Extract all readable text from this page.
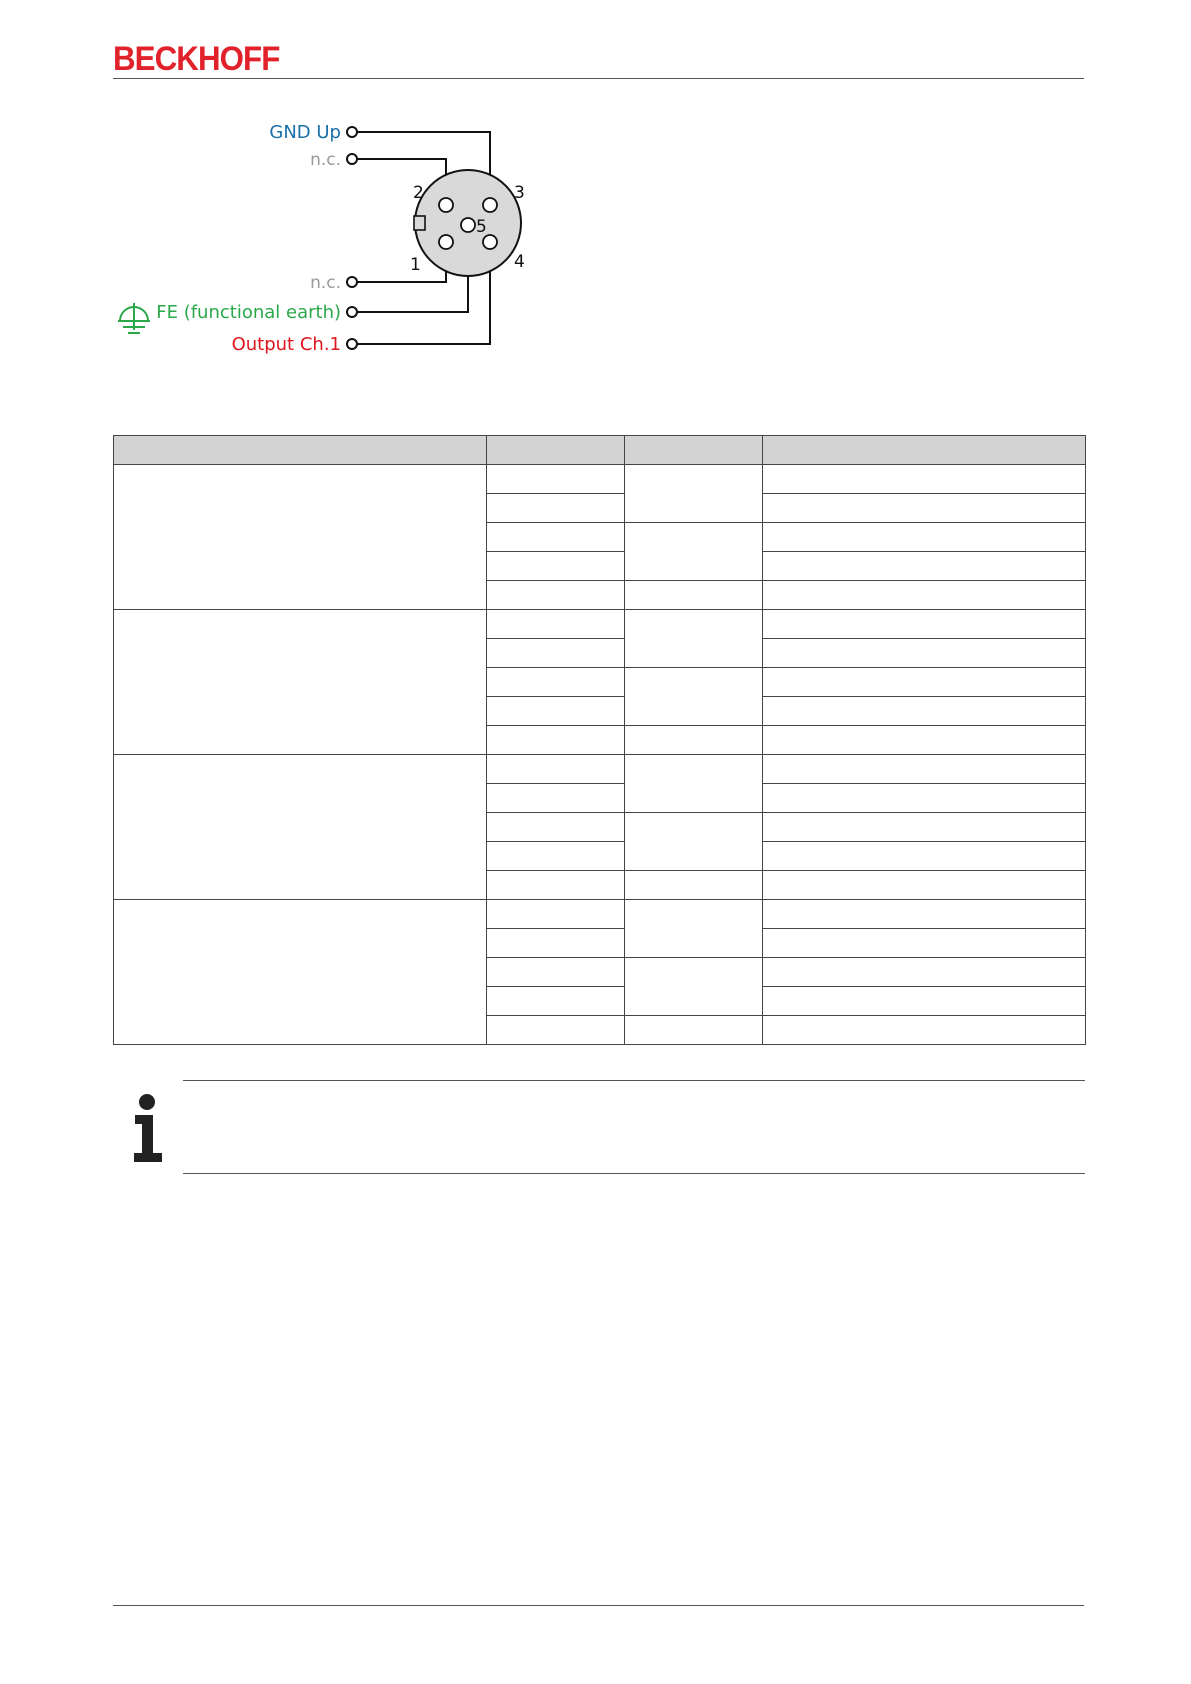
BECKHOFF
2	3
1	4
5
GND Up
n.c.
n.c.
FE (functional earth)
Output Ch.1
